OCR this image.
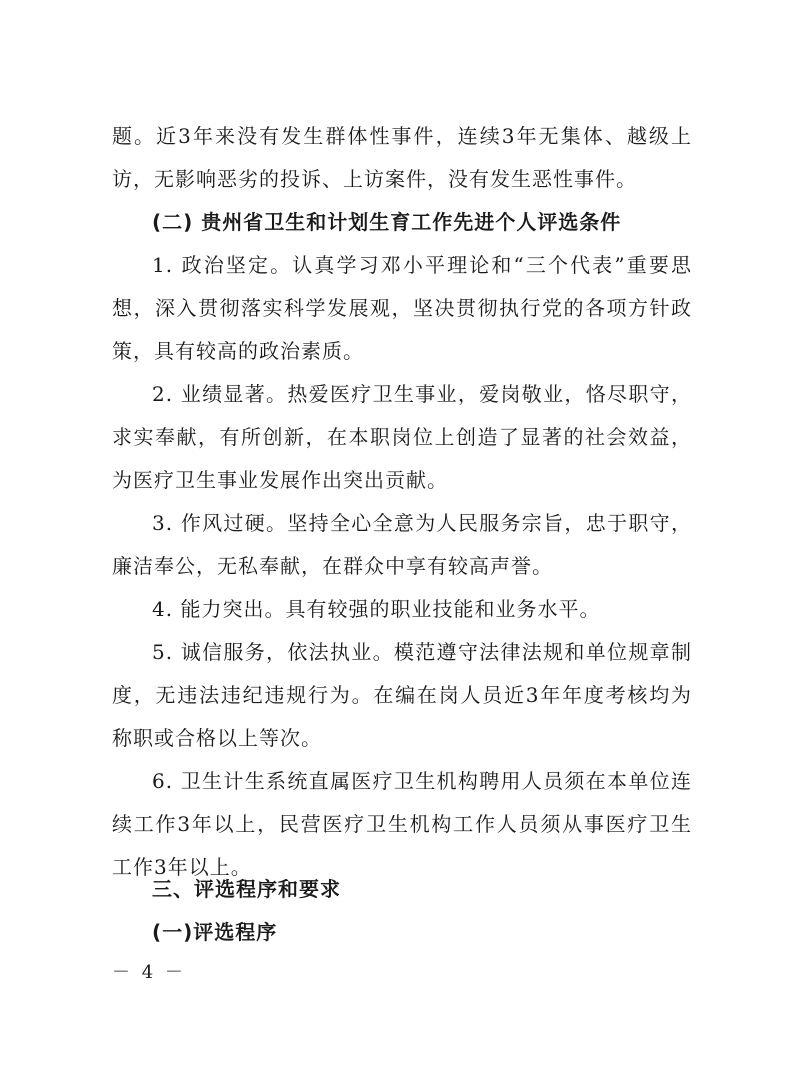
题。近3年来没有发生群体性事件，连续3年无集体、越级上访，无影响恶劣的投诉、上访案件，没有发生恶性事件。

(二) 贵州省卫生和计划生育工作先进个人评选条件

1. 政治坚定。认真学习邓小平理论和“三个代表”重要思想，深入贯彻落实科学发展观，坚决贯彻执行党的各项方针政策，具有较高的政治素质。

2. 业绩显著。热爱医疗卫生事业，爱岗敬业，恪尽职守，求实奉献，有所创新，在本职岗位上创造了显著的社会效益，为医疗卫生事业发展作出突出贡献。

3. 作风过硬。坚持全心全意为人民服务宗旨，忠于职守，廉洁奉公，无私奉献，在群众中享有较高声誉。

4. 能力突出。具有较强的职业技能和业务水平。

5. 诚信服务，依法执业。模范遵守法律法规和单位规章制度，无违法违纪违规行为。在编在岗人员近3年年度考核均为称职或合格以上等次。

6. 卫生计生系统直属医疗卫生机构聘用人员须在本单位连续工作3年以上，民营医疗卫生机构工作人员须从事医疗卫生工作3年以上。

三、评选程序和要求

(一)评选程序

－ 4 －
